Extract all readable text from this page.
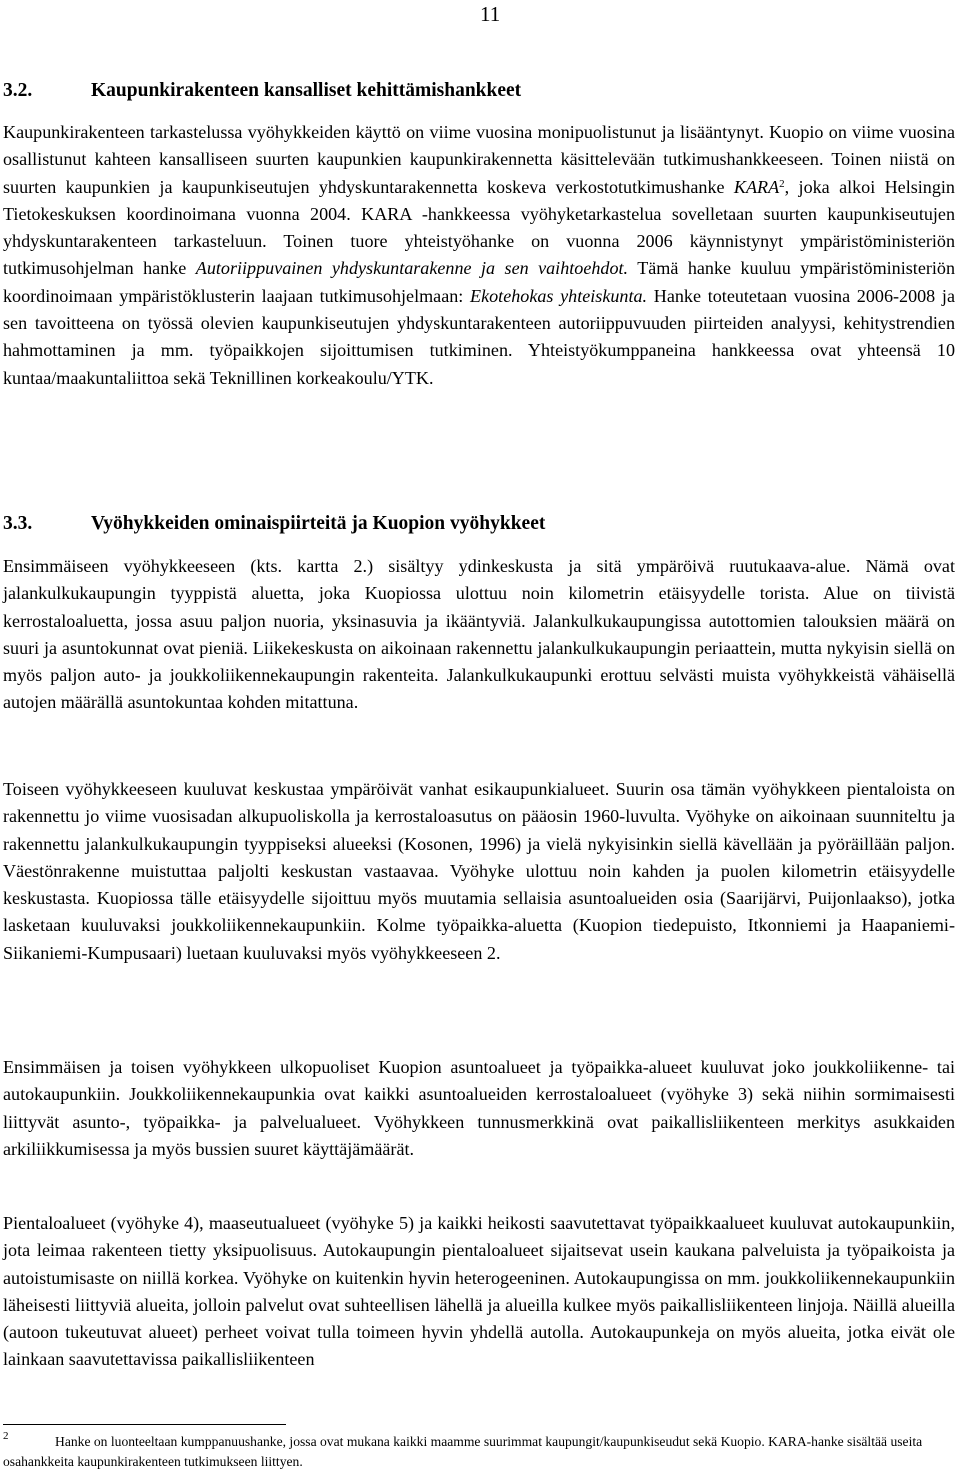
11
3.2.	Kaupunkirakenteen kansalliset kehittämishankkeet

Kaupunkirakenteen tarkastelussa vyöhykkeiden käyttö on viime vuosina monipuolistunut ja lisääntynyt. Kuopio on viime vuosina osallistunut kahteen kansalliseen suurten kaupunkien kaupunkirakennetta käsittelevään tutkimushankkeeseen. Toinen niistä on suurten kaupunkien ja kaupunkiseutujen yhdyskuntarakennetta koskeva verkostotutkimushanke KARA$^2$, joka alkoi Helsingin Tietokeskuksen koordinoimana vuonna 2004. KARA -hankkeessa vyöhyketarkastelua sovelletaan suurten kaupunkiseutujen yhdyskuntarakenteen tarkasteluun. Toinen tuore yhteistyöhanke on vuonna 2006 käynnistynyt ympäristöministeriön tutkimusohjelman hanke Autoriippuvainen yhdyskuntarakenne ja sen vaihtoehdot. Tämä hanke kuuluu ympäristöministeriön koordinoimaan ympäristöklusterin laajaan tutkimusohjelmaan: Ekotehokas yhteiskunta. Hanke toteutetaan vuosina 2006-2008 ja sen tavoitteena on työssä olevien kaupunkiseutujen yhdyskuntarakenteen autoriippuvuuden piirteiden analyysi, kehitystrendien hahmottaminen ja mm. työpaikkojen sijoittumisen tutkiminen. Yhteistyökumppaneina hankkeessa ovat yhteensä 10 kuntaa/maakuntaliittoa sekä Teknillinen korkeakoulu/YTK.

3.3.	Vyöhykkeiden ominaispiirteitä ja Kuopion vyöhykkeet

Ensimmäiseen vyöhykkeeseen (kts. kartta 2.) sisältyy ydinkeskusta ja sitä ympäröivä ruutukaava-alue. Nämä ovat jalankulkukaupungin tyyppistä aluetta, joka Kuopiossa ulottuu noin kilometrin etäisyydelle torista. Alue on tiivistä kerrostaloaluetta, jossa asuu paljon nuoria, yksinasuvia ja ikääntyviä. Jalankulkukaupungissa autottomien talouksien määrä on suuri ja asuntokunnat ovat pieniä. Liikekeskusta on aikoinaan rakennettu jalankulkukaupungin periaattein, mutta nykyisin siellä on myös paljon auto- ja joukkoliikennekaupungin rakenteita. Jalankulkukaupunki erottuu selvästi muista vyöhykkeistä vähäisellä autojen määrällä asuntokuntaa kohden mitattuna.

Toiseen vyöhykkeeseen kuuluvat keskustaa ympäröivät vanhat esikaupunkialueet. Suurin osa tämän vyöhykkeen pientaloista on rakennettu jo viime vuosisadan alkupuoliskolla ja kerrostaloasutus on pääosin 1960-luvulta. Vyöhyke on aikoinaan suunniteltu ja rakennettu jalankulkukaupungin tyyppiseksi alueeksi (Kosonen, 1996) ja vielä nykyisinkin siellä kävellään ja pyöräillään paljon. Väestönrakenne muistuttaa paljolti keskustan vastaavaa. Vyöhyke ulottuu noin kahden ja puolen kilometrin etäisyydelle keskustasta. Kuopiossa tälle etäisyydelle sijoittuu myös muutamia sellaisia asuntoalueiden osia (Saarijärvi, Puijonlaakso), jotka lasketaan kuuluvaksi joukkoliikennekaupunkiin. Kolme työpaikka-aluetta (Kuopion tiedepuisto, Itkonniemi ja Haapaniemi-Siikaniemi-Kumpusaari) luetaan kuuluvaksi myös vyöhykkeeseen 2.

Ensimmäisen ja toisen vyöhykkeen ulkopuoliset Kuopion asuntoalueet ja työpaikka-alueet kuuluvat joko joukkoliikenne- tai autokaupunkiin. Joukkoliikennekaupunkia ovat kaikki asuntoalueiden kerrostaloalueet (vyöhyke 3) sekä niihin sormimaisesti liittyvät asunto-, työpaikka- ja palvelualueet. Vyöhykkeen tunnusmerkkinä ovat paikallisliikenteen merkitys asukkaiden arkiliikkumisessa ja myös bussien suuret käyttäjämäärät.

Pientaloalueet (vyöhyke 4), maaseutualueet (vyöhyke 5) ja kaikki heikosti saavutettavat työpaikkaalueet kuuluvat autokaupunkiin, jota leimaa rakenteen tietty yksipuolisuus. Autokaupungin pientaloalueet sijaitsevat usein kaukana palveluista ja työpaikoista ja autoistumisaste on niillä korkea. Vyöhyke on kuitenkin hyvin heterogeeninen. Autokaupungissa on mm. joukkoliikennekaupunkiin läheisesti liittyviä alueita, jolloin palvelut ovat suhteellisen lähellä ja alueilla kulkee myös paikallisliikenteen linjoja. Näillä alueilla (autoon tukeutuvat alueet) perheet voivat tulla toimeen hyvin yhdellä autolla. Autokaupunkeja on myös alueita, jotka eivät ole lainkaan saavutettavissa paikallisliikenteen

2	Hanke on luonteeltaan kumppanuushanke, jossa ovat mukana kaikki maamme suurimmat kaupungit/kaupunkiseudut sekä Kuopio. KARA-hanke sisältää useita osahankkeita kaupunkirakenteen tutkimukseen liittyen.
